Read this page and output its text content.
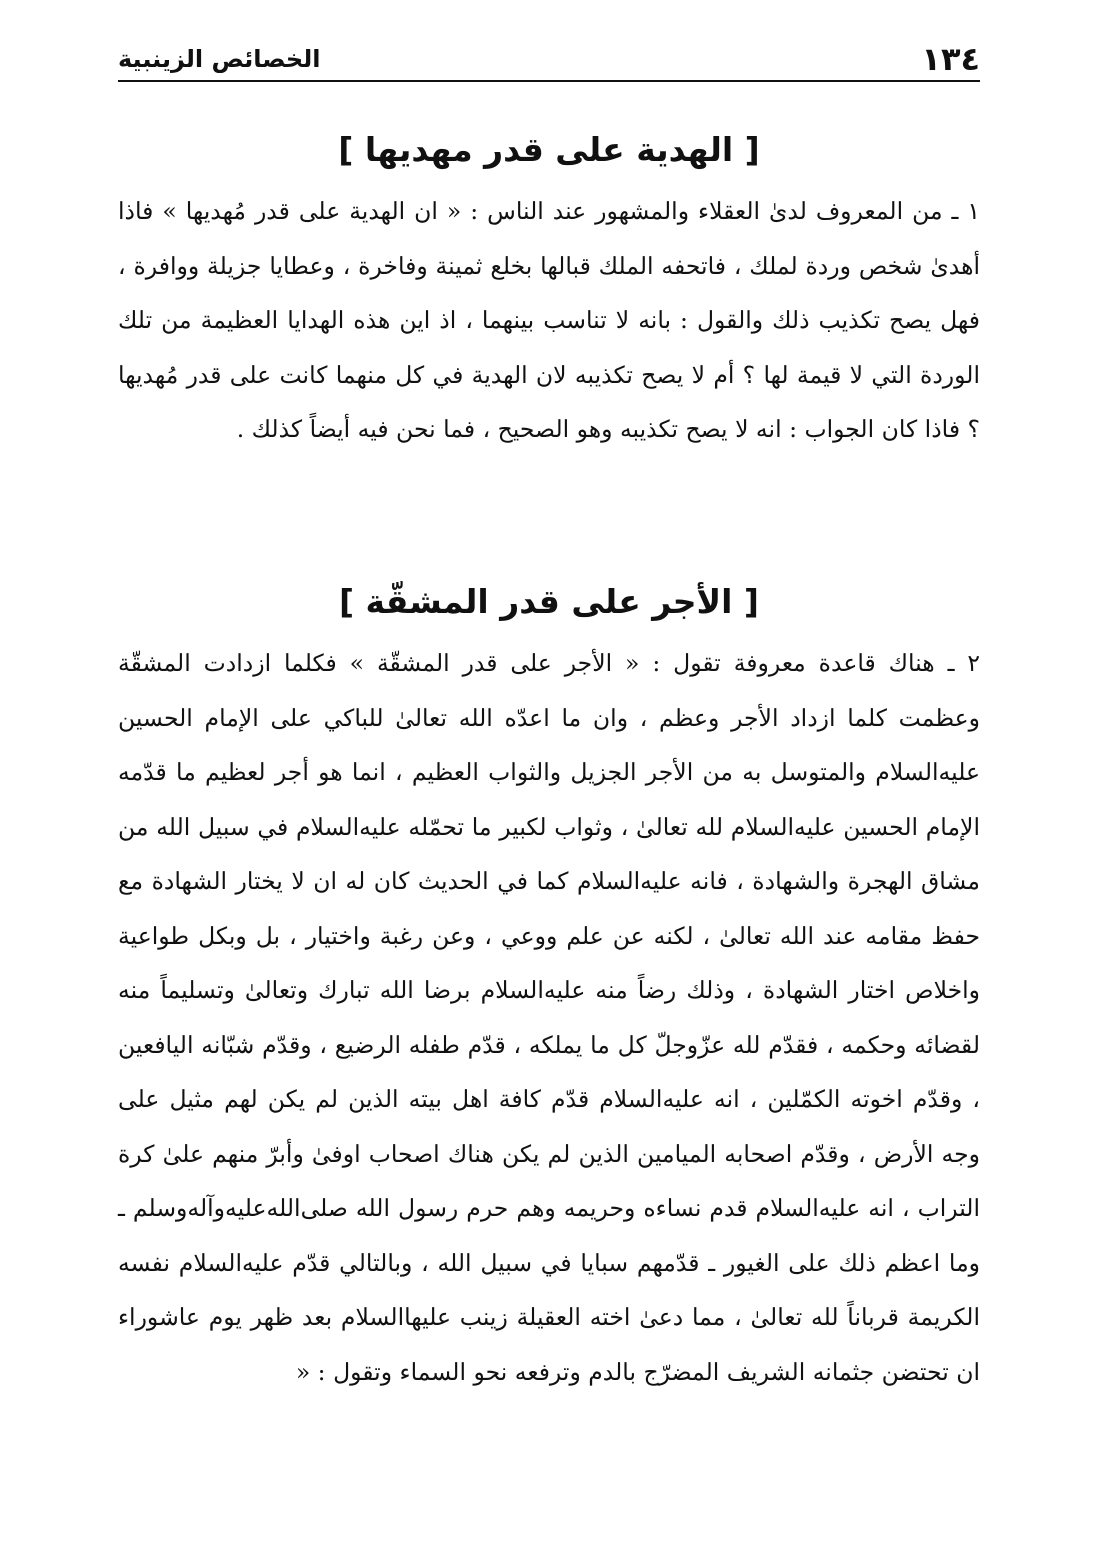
١٣٤
الخصائص الزينبية
[ الهدية على قدر مهديها ]

١ ـ من المعروف لدىٰ العقلاء والمشهور عند الناس : « ان الهدية على قدر مُهديها » فاذا أهدىٰ شخص وردة لملك ، فاتحفه الملك قبالها بخلع ثمينة وفاخرة ، وعطايا جزيلة ووافرة ، فهل يصح تكذيب ذلك والقول : بانه لا تناسب بينهما ، اذ اين هذه الهدايا العظيمة من تلك الوردة التي لا قيمة لها ؟ أم لا يصح تكذيبه لان الهدية في كل منهما كانت على قدر مُهديها ؟ فاذا كان الجواب : انه لا يصح تكذيبه وهو الصحيح ، فما نحن فيه أيضاً كذلك .

[ الأجر على قدر المشقّة ]

٢ ـ هناك قاعدة معروفة تقول : « الأجر على قدر المشقّة » فكلما ازدادت المشقّة وعظمت كلما ازداد الأجر وعظم ، وان ما اعدّه الله تعالىٰ للباكي على الإمام الحسين عليه‌السلام والمتوسل به من الأجر الجزيل والثواب العظيم ، انما هو أجر لعظيم ما قدّمه الإمام الحسين عليه‌السلام لله تعالىٰ ، وثواب لكبير ما تحمّله عليه‌السلام في سبيل الله من مشاق الهجرة والشهادة ، فانه عليه‌السلام كما في الحديث كان له ان لا يختار الشهادة مع حفظ مقامه عند الله تعالىٰ ، لكنه عن علم ووعي ، وعن رغبة واختيار ، بل وبكل طواعية واخلاص اختار الشهادة ، وذلك رضاً منه عليه‌السلام برضا الله تبارك وتعالىٰ وتسليماً منه لقضائه وحكمه ، فقدّم لله عزّوجلّ كل ما يملكه ، قدّم طفله الرضيع ، وقدّم شبّانه اليافعين ، وقدّم اخوته الكمّلين ، انه عليه‌السلام قدّم كافة اهل بيته الذين لم يكن لهم مثيل على وجه الأرض ، وقدّم اصحابه الميامين الذين لم يكن هناك اصحاب اوفىٰ وأبرّ منهم علىٰ كرة التراب ، انه عليه‌السلام قدم نساءه وحريمه وهم حرم رسول الله صلى‌الله‌عليه‌وآله‌وسلم ـ وما اعظم ذلك على الغيور ـ قدّمهم سبايا في سبيل الله ، وبالتالي قدّم عليه‌السلام نفسه الكريمة قرباناً لله تعالىٰ ، مما دعىٰ اخته العقيلة زينب عليها‌السلام بعد ظهر يوم عاشوراء ان تحتضن جثمانه الشريف المضرّج بالدم وترفعه نحو السماء وتقول : «
